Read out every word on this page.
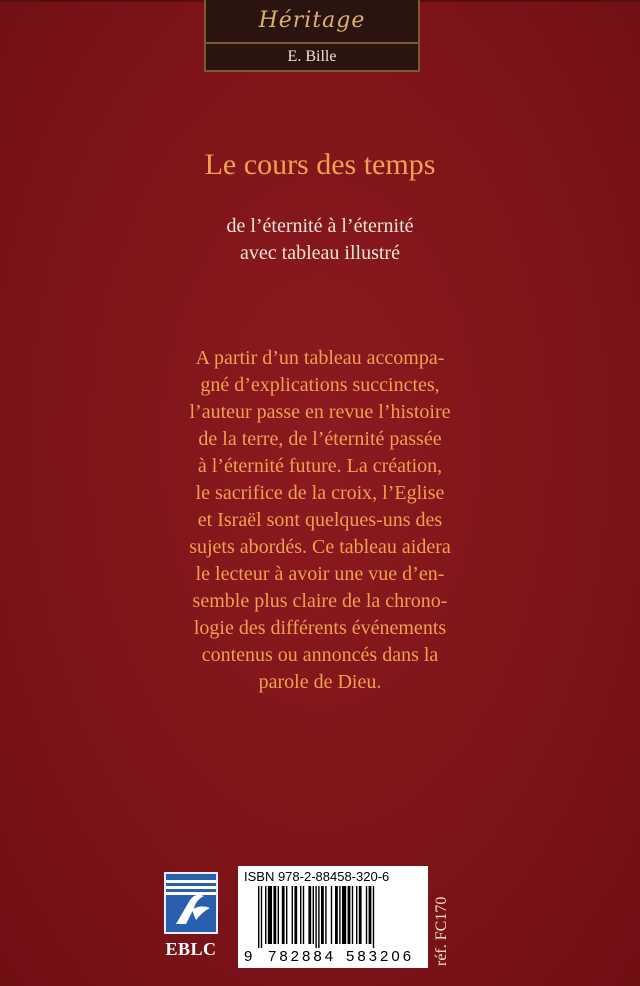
Héritage
E. Bille
Le cours des temps
de l’éternité à l’éternité
avec tableau illustré
A partir d’un tableau accompa-
gné d’explications succinctes,
l’auteur passe en revue l’histoire
de la terre, de l’éternité passée
à l’éternité future. La création,
le sacrifice de la croix, l’Eglise
et Israël sont quelques-uns des
sujets abordés. Ce tableau aidera
le lecteur à avoir une vue d’en-
semble plus claire de la chrono-
logie des différents événements
contenus ou annoncés dans la
parole de Dieu.
EBLC
ISBN 978-2-88458-320-6
9 782884 583206 réf. FC170
